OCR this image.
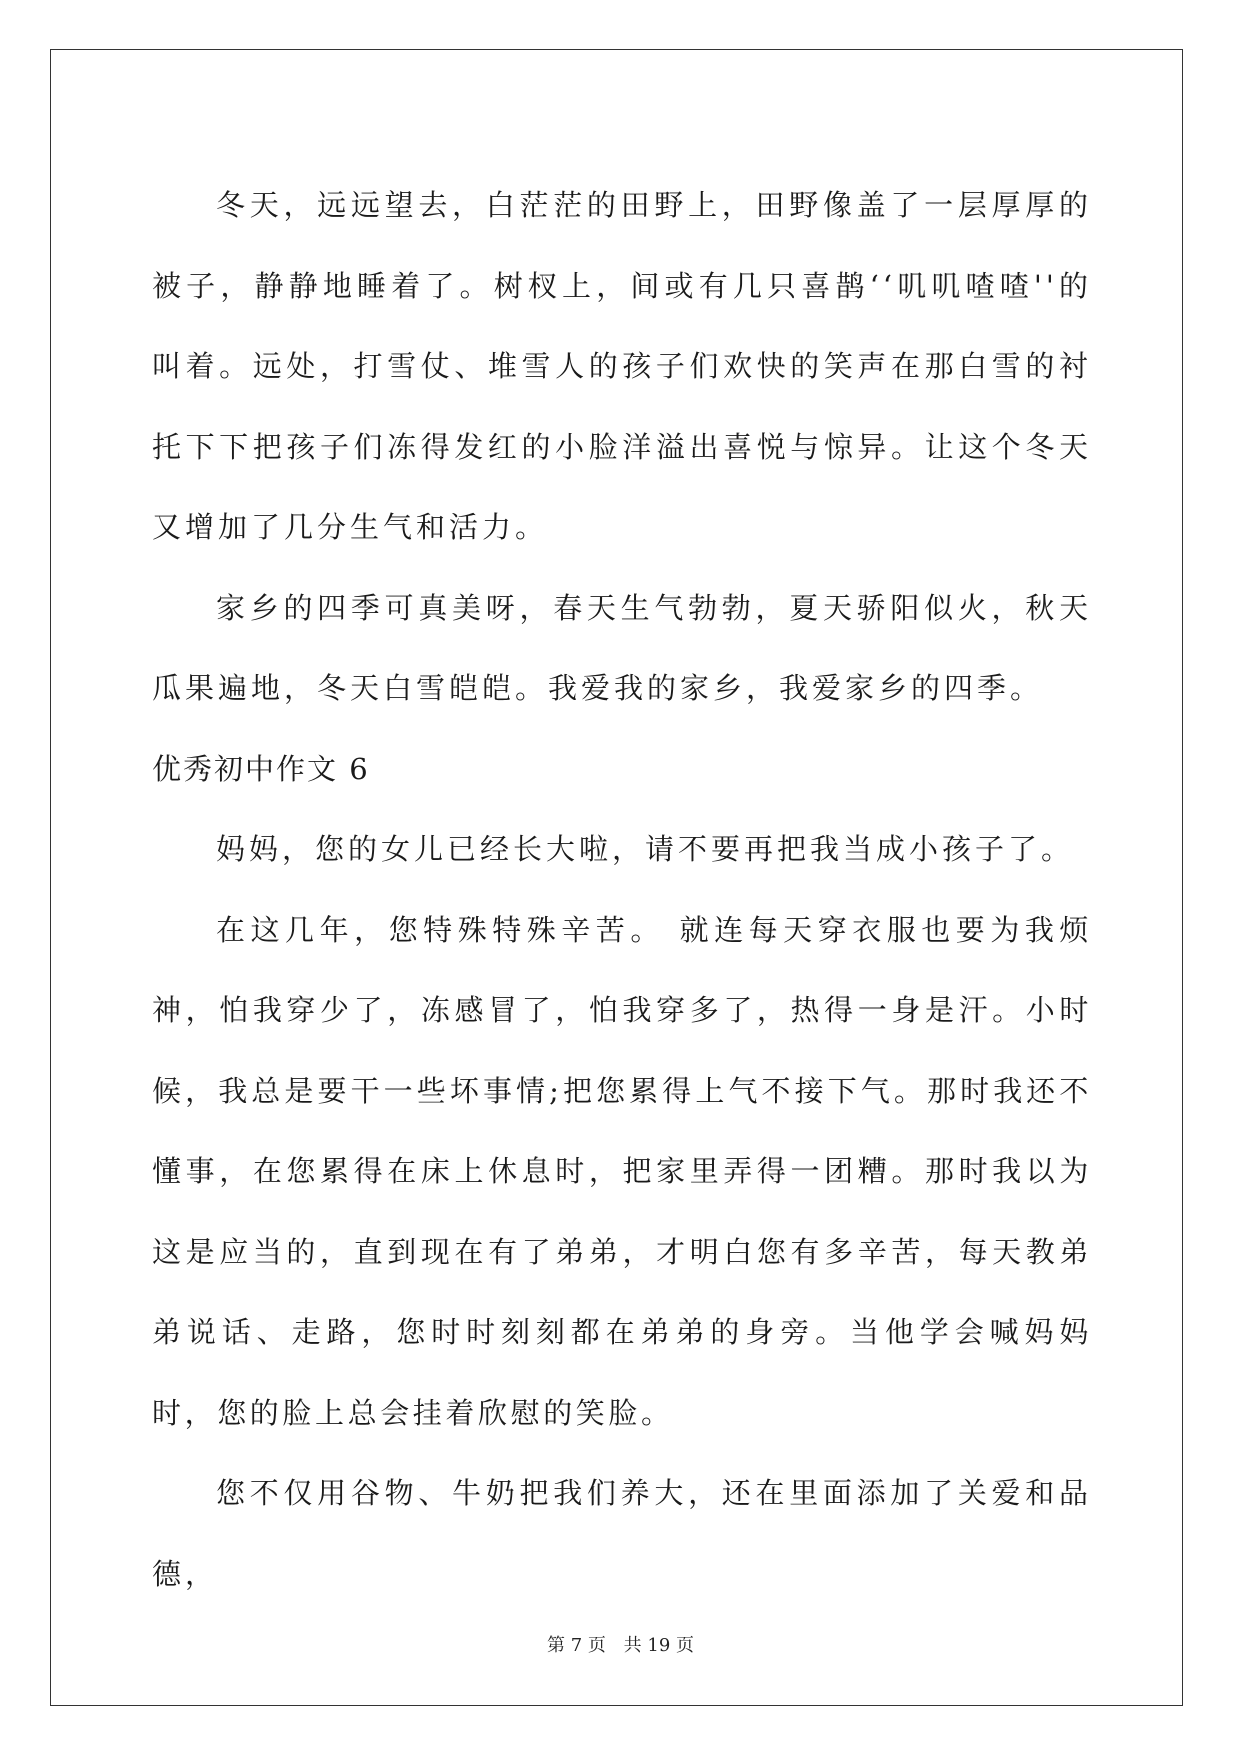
冬天，远远望去，白茫茫的田野上，田野像盖了一层厚厚的被子，静静地睡着了。树杈上，间或有几只喜鹊‘‘叽叽喳喳''的叫着。远处，打雪仗、堆雪人的孩子们欢快的笑声在那白雪的衬托下下把孩子们冻得发红的小脸洋溢出喜悦与惊异。让这个冬天又增加了几分生气和活力。

家乡的四季可真美呀，春天生气勃勃，夏天骄阳似火，秋天瓜果遍地，冬天白雪皑皑。我爱我的家乡，我爱家乡的四季。

优秀初中作文 6

妈妈，您的女儿已经长大啦，请不要再把我当成小孩子了。

在这几年，您特殊特殊辛苦。 就连每天穿衣服也要为我烦神，怕我穿少了，冻感冒了，怕我穿多了，热得一身是汗。小时候，我总是要干一些坏事情;把您累得上气不接下气。那时我还不懂事，在您累得在床上休息时，把家里弄得一团糟。那时我以为这是应当的，直到现在有了弟弟，才明白您有多辛苦，每天教弟弟说话、走路，您时时刻刻都在弟弟的身旁。当他学会喊妈妈时，您的脸上总会挂着欣慰的笑脸。

您不仅用谷物、牛奶把我们养大，还在里面添加了关爱和品德，

第 7 页 共 19 页
